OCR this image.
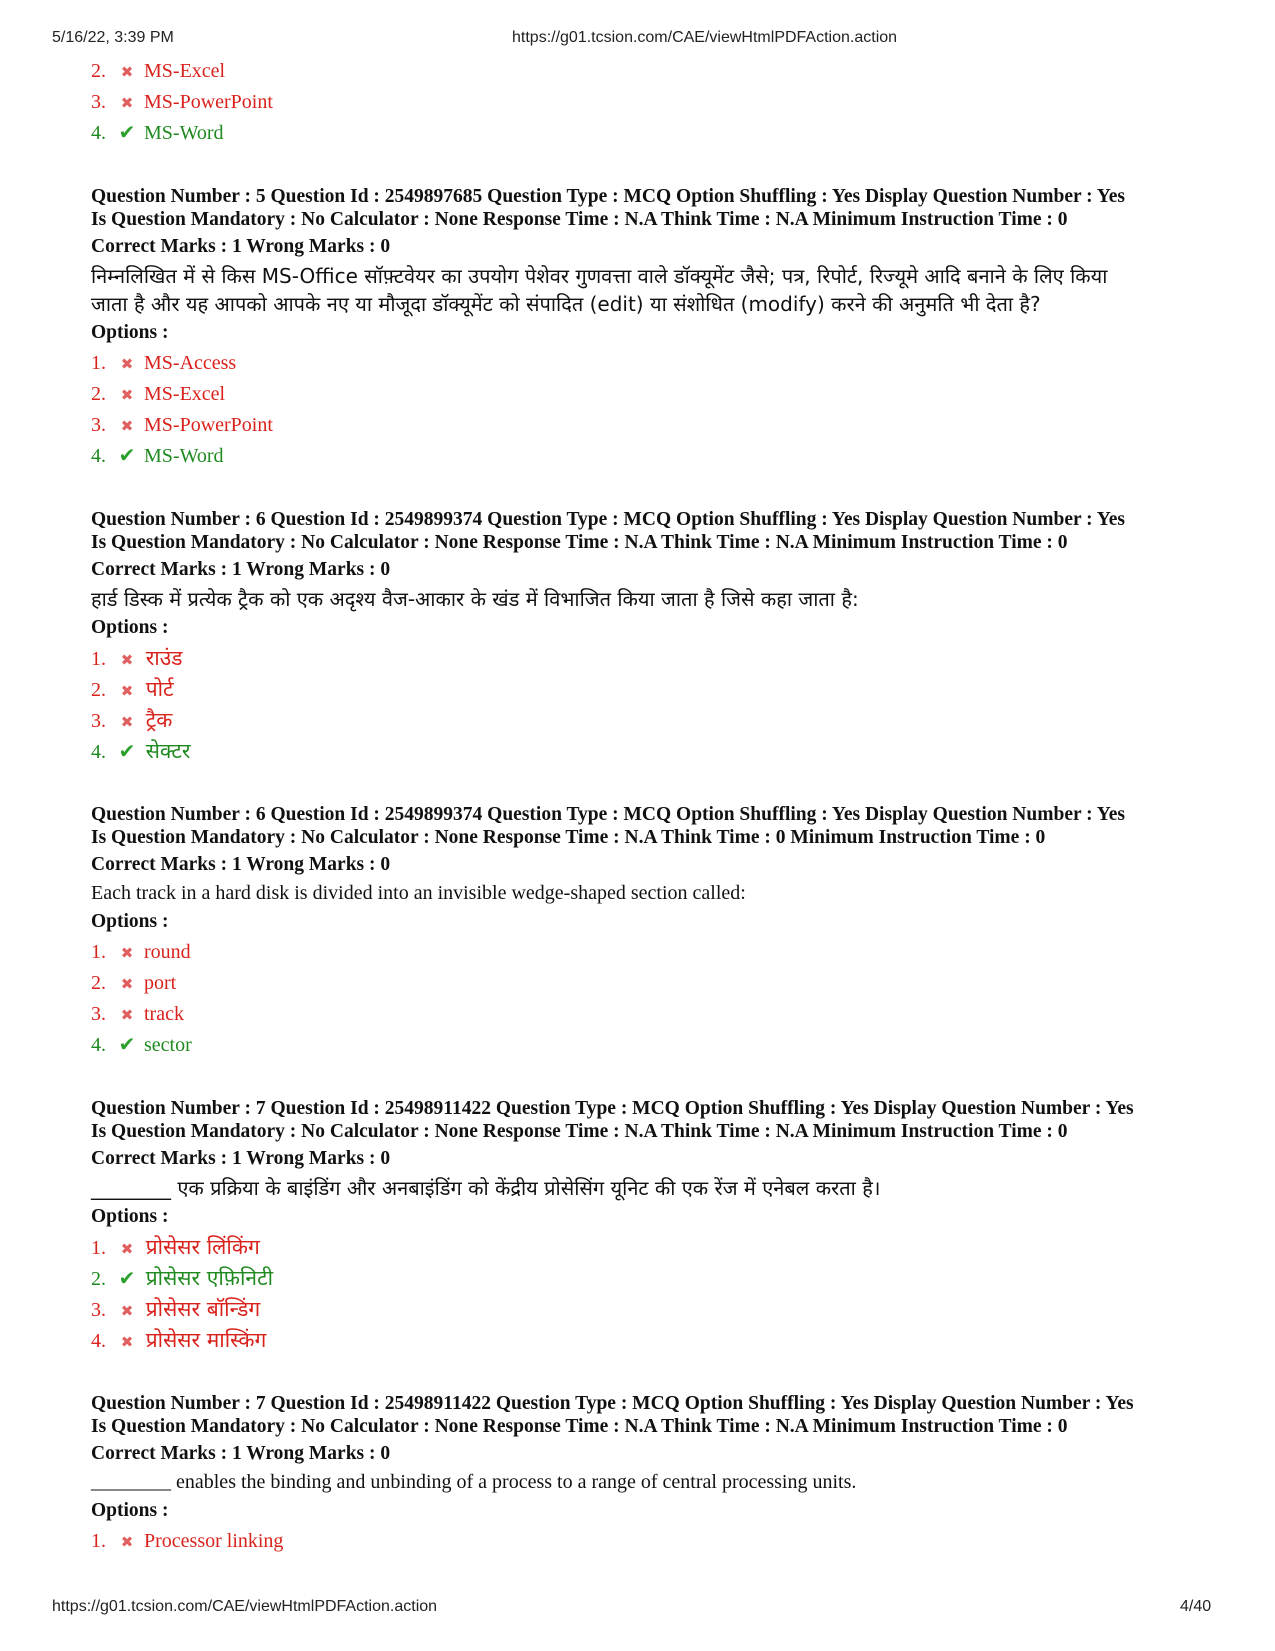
5/16/22, 3:39 PM	https://g01.tcsion.com/CAE/viewHtmlPDFAction.action
2. ✖ MS-Excel
3. ✖ MS-PowerPoint
4. ✔ MS-Word
Question Number : 5 Question Id : 2549897685 Question Type : MCQ Option Shuffling : Yes Display Question Number : Yes
Is Question Mandatory : No Calculator : None Response Time : N.A Think Time : N.A Minimum Instruction Time : 0
Correct Marks : 1 Wrong Marks : 0
निम्नलिखित में से किस MS-Office सॉफ़्टवेयर का उपयोग पेशेवर गुणवत्ता वाले डॉक्यूमेंट जैसे; पत्र, रिपोर्ट, रिज्यूमे आदि बनाने के लिए किया
जाता है और यह आपको आपके नए या मौजूदा डॉक्यूमेंट को संपादित (edit) या संशोधित (modify) करने की अनुमति भी देता है?
Options :
1. ✖ MS-Access
2. ✖ MS-Excel
3. ✖ MS-PowerPoint
4. ✔ MS-Word
Question Number : 6 Question Id : 2549899374 Question Type : MCQ Option Shuffling : Yes Display Question Number : Yes
Is Question Mandatory : No Calculator : None Response Time : N.A Think Time : N.A Minimum Instruction Time : 0
Correct Marks : 1 Wrong Marks : 0
हार्ड डिस्क में प्रत्येक ट्रैक को एक अदृश्य वैज-आकार के खंड में विभाजित किया जाता है जिसे कहा जाता है:
Options :
1. ✖ राउंड
2. ✖ पोर्ट
3. ✖ ट्रैक
4. ✔ सेक्टर
Question Number : 6 Question Id : 2549899374 Question Type : MCQ Option Shuffling : Yes Display Question Number : Yes
Is Question Mandatory : No Calculator : None Response Time : N.A Think Time : 0 Minimum Instruction Time : 0
Correct Marks : 1 Wrong Marks : 0
Each track in a hard disk is divided into an invisible wedge-shaped section called:
Options :
1. ✖ round
2. ✖ port
3. ✖ track
4. ✔ sector
Question Number : 7 Question Id : 25498911422 Question Type : MCQ Option Shuffling : Yes Display Question Number : Yes
Is Question Mandatory : No Calculator : None Response Time : N.A Think Time : N.A Minimum Instruction Time : 0
Correct Marks : 1 Wrong Marks : 0
________ एक प्रक्रिया के बाइंडिंग और अनबाइंडिंग को केंद्रीय प्रोसेसिंग यूनिट की एक रेंज में एनेबल करता है।
Options :
1. ✖ प्रोसेसर लिंकिंग
2. ✔ प्रोसेसर एफ़िनिटी
3. ✖ प्रोसेसर बॉन्डिंग
4. ✖ प्रोसेसर मास्किंग
Question Number : 7 Question Id : 25498911422 Question Type : MCQ Option Shuffling : Yes Display Question Number : Yes
Is Question Mandatory : No Calculator : None Response Time : N.A Think Time : N.A Minimum Instruction Time : 0
Correct Marks : 1 Wrong Marks : 0
________ enables the binding and unbinding of a process to a range of central processing units.
Options :
1. ✖ Processor linking
https://g01.tcsion.com/CAE/viewHtmlPDFAction.action	4/40
